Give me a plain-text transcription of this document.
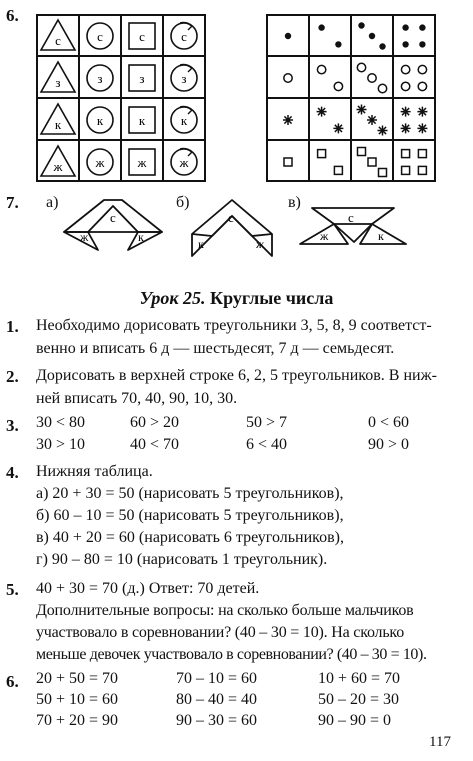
6.
с	с	с	с
з	з	з	з
к	к	к	к
ж	ж	ж	ж
7. а)	б)	в)
с
ж	к
с
к	ж
с
ж	к
Урок 25. Круглые числа
1. Необходимо дорисовать треугольники 3, 5, 8, 9 соответст-
венно и вписать 6 д — шестьдесят, 7 д — семьдесят.
2. Дорисовать в верхней строке 6, 2, 5 треугольников. В ниж-
ней вписать 70, 40, 90, 10, 30.
3. 30 < 80	60 > 20	50 > 7	0 < 60
30 > 10	40 < 70	6 < 40	90 > 0
4. Нижняя таблица.
а) 20 + 30 = 50 (нарисовать 5 треугольников),
б) 60 – 10 = 50 (нарисовать 5 треугольников),
в) 40 + 20 = 60 (нарисовать 6 треугольников),
г) 90 – 80 = 10 (нарисовать 1 треугольник).
5. 40 + 30 = 70 (д.) Ответ: 70 детей.
Дополнительные вопросы: на сколько больше мальчиков
участвовало в соревновании? (40 – 30 = 10). На сколько
меньше девочек участвовало в соревновании? (40 – 30 = 10).
6. 20 + 50 = 70	70 – 10 = 60	10 + 60 = 70
50 + 10 = 60	80 – 40 = 40	50 – 20 = 30
70 + 20 = 90	90 – 30 = 60	90 – 90 = 0
117
